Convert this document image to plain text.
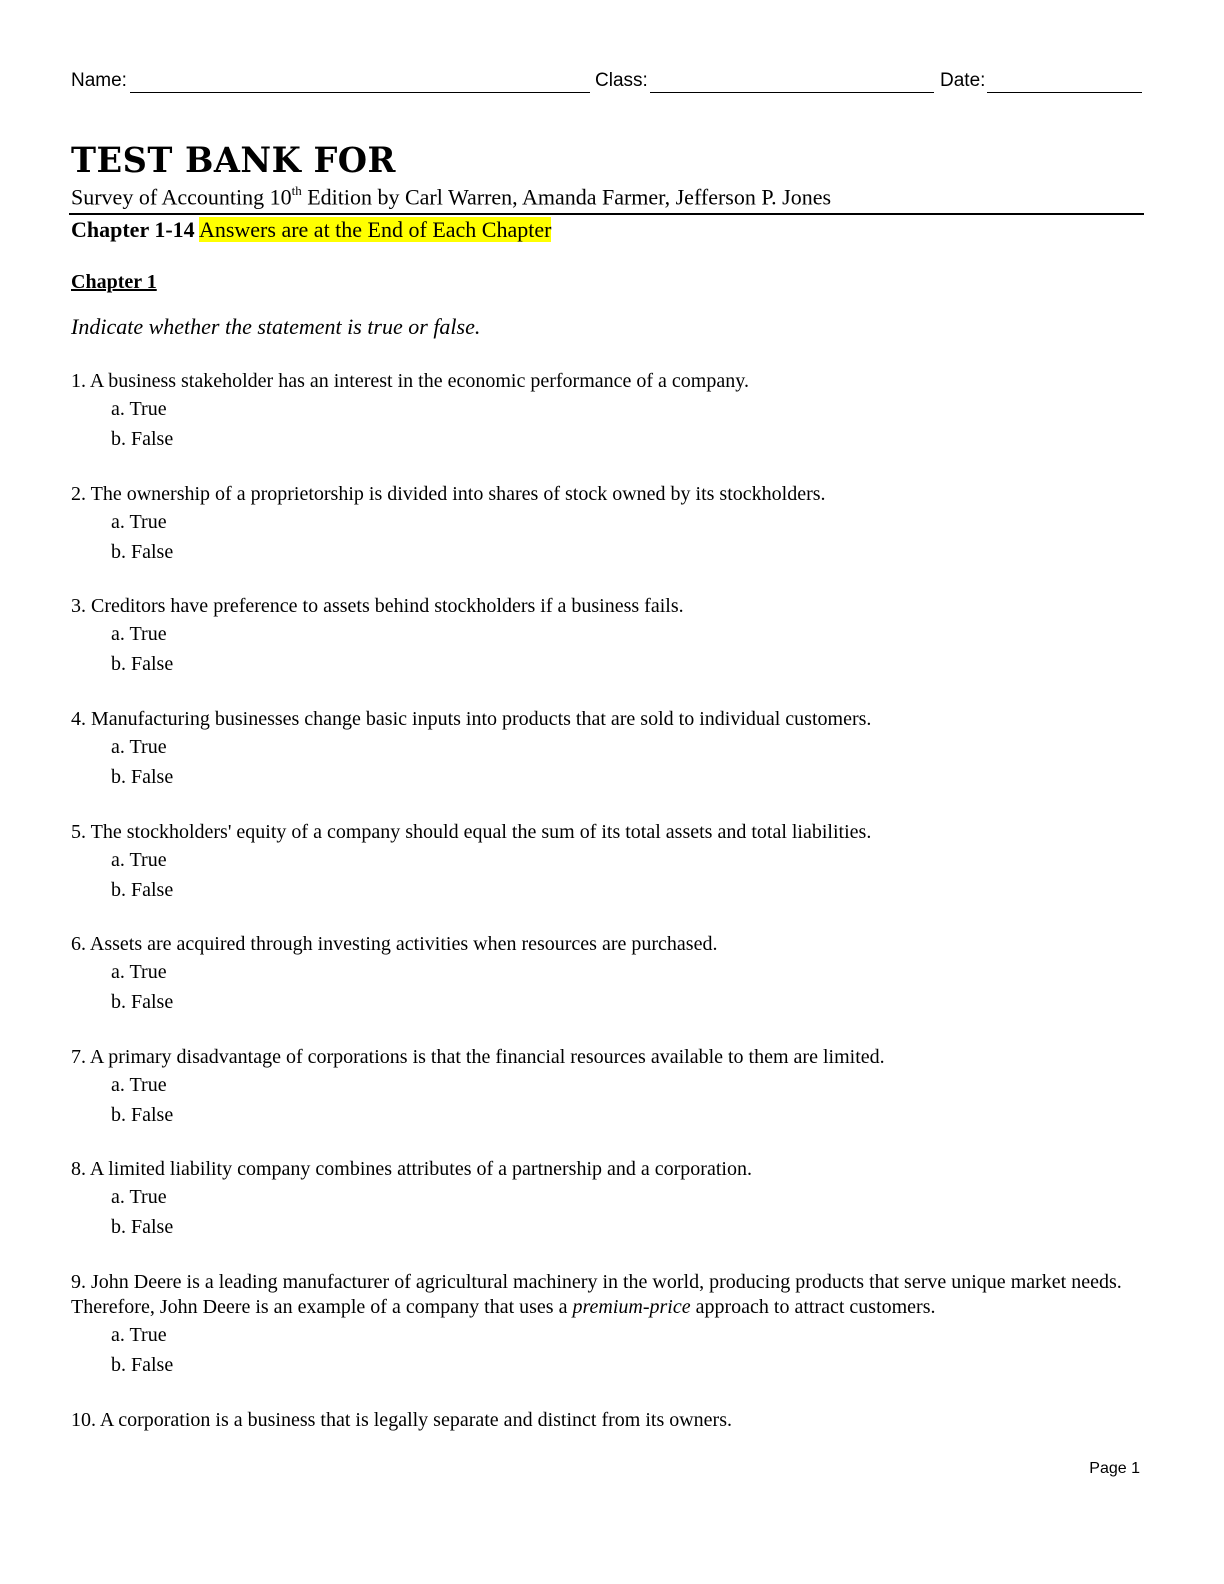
Name:	Class:	Date:
TEST BANK FOR
Survey of Accounting 10th Edition by Carl Warren, Amanda Farmer, Jefferson P. Jones
Chapter 1-14 Answers are at the End of Each Chapter
Chapter 1
Indicate whether the statement is true or false.
1. A business stakeholder has an interest in the economic performance of a company.
a. True
b. False
2. The ownership of a proprietorship is divided into shares of stock owned by its stockholders.
a. True
b. False
3. Creditors have preference to assets behind stockholders if a business fails.
a. True
b. False
4. Manufacturing businesses change basic inputs into products that are sold to individual customers.
a. True
b. False
5. The stockholders' equity of a company should equal the sum of its total assets and total liabilities.
a. True
b. False
6. Assets are acquired through investing activities when resources are purchased.
a. True
b. False
7. A primary disadvantage of corporations is that the financial resources available to them are limited.
a. True
b. False
8. A limited liability company combines attributes of a partnership and a corporation.
a. True
b. False
9. John Deere is a leading manufacturer of agricultural machinery in the world, producing products that serve unique market needs. Therefore, John Deere is an example of a company that uses a premium-price approach to attract customers.
a. True
b. False
10. A corporation is a business that is legally separate and distinct from its owners.
Page 1
